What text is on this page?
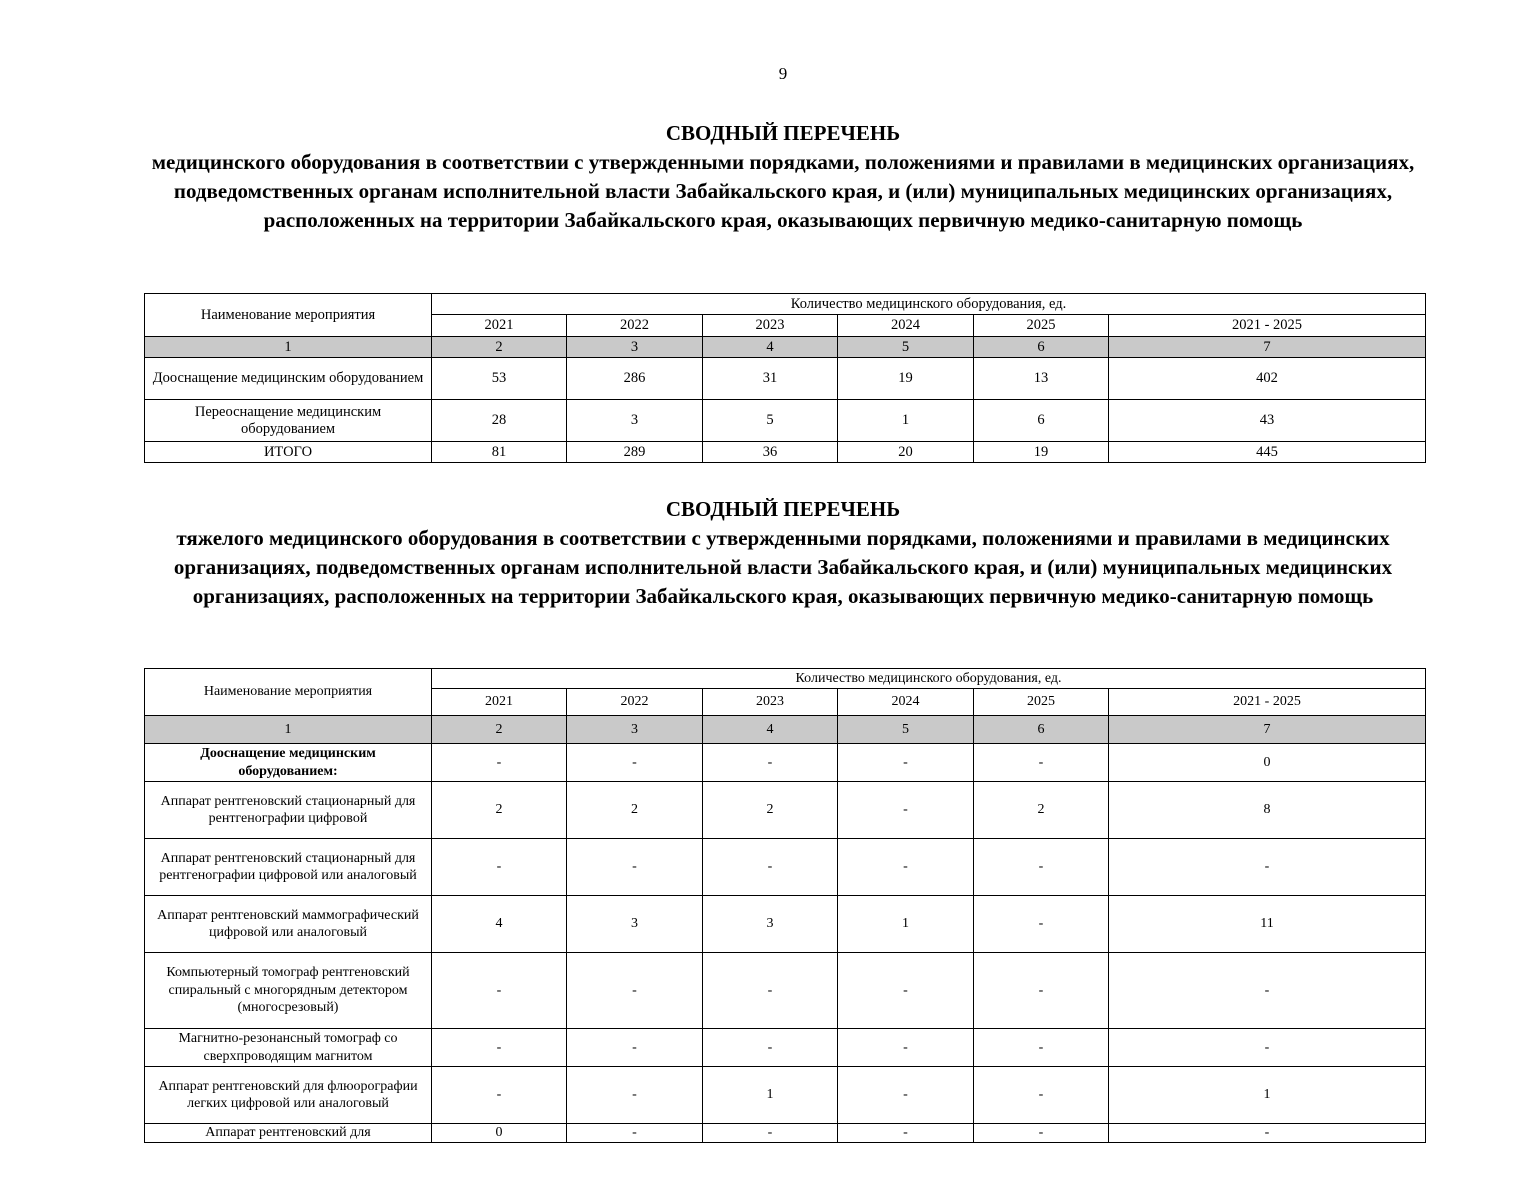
9
СВОДНЫЙ ПЕРЕЧЕНЬ
медицинского оборудования в соответствии с утвержденными порядками, положениями и правилами в медицинских организациях, подведомственных органам исполнительной власти Забайкальского края, и (или) муниципальных медицинских организациях, расположенных на территории Забайкальского края, оказывающих первичную медико-санитарную помощь
Наименование мероприятия	Количество медицинского оборудования, ед.					
	2021	2022	2023	2024	2025	2021 - 2025
1	2	3	4	5	6	7
Дооснащение медицинским оборудованием	53	286	31	19	13	402
Переоснащение медицинским оборудованием	28	3	5	1	6	43
ИТОГО	81	289	36	20	19	445
СВОДНЫЙ ПЕРЕЧЕНЬ
тяжелого медицинского оборудования в соответствии с утвержденными порядками, положениями и правилами в медицинских организациях, подведомственных органам исполнительной власти Забайкальского края, и (или) муниципальных медицинских организациях, расположенных на территории Забайкальского края, оказывающих первичную медико-санитарную помощь
Наименование мероприятия	Количество медицинского оборудования, ед.					
	2021	2022	2023	2024	2025	2021 - 2025
1	2	3	4	5	6	7
Дооснащение медицинским оборудованием:	-	-	-	-	-	0
Аппарат рентгеновский стационарный для рентгенографии цифровой	2	2	2	-	2	8
Аппарат рентгеновский стационарный для рентгенографии цифровой или аналоговый	-	-	-	-	-	-
Аппарат рентгеновский маммографический цифровой или аналоговый	4	3	3	1	-	11
Компьютерный томограф рентгеновский спиральный с многорядным детектором (многосрезовый)	-	-	-	-	-	-
Магнитно-резонансный томограф со сверхпроводящим магнитом	-	-	-	-	-	-
Аппарат рентгеновский для флюорографии легких цифровой или аналоговый	-	-	1	-	-	1
Аппарат рентгеновский для	0	-	-	-	-	-
